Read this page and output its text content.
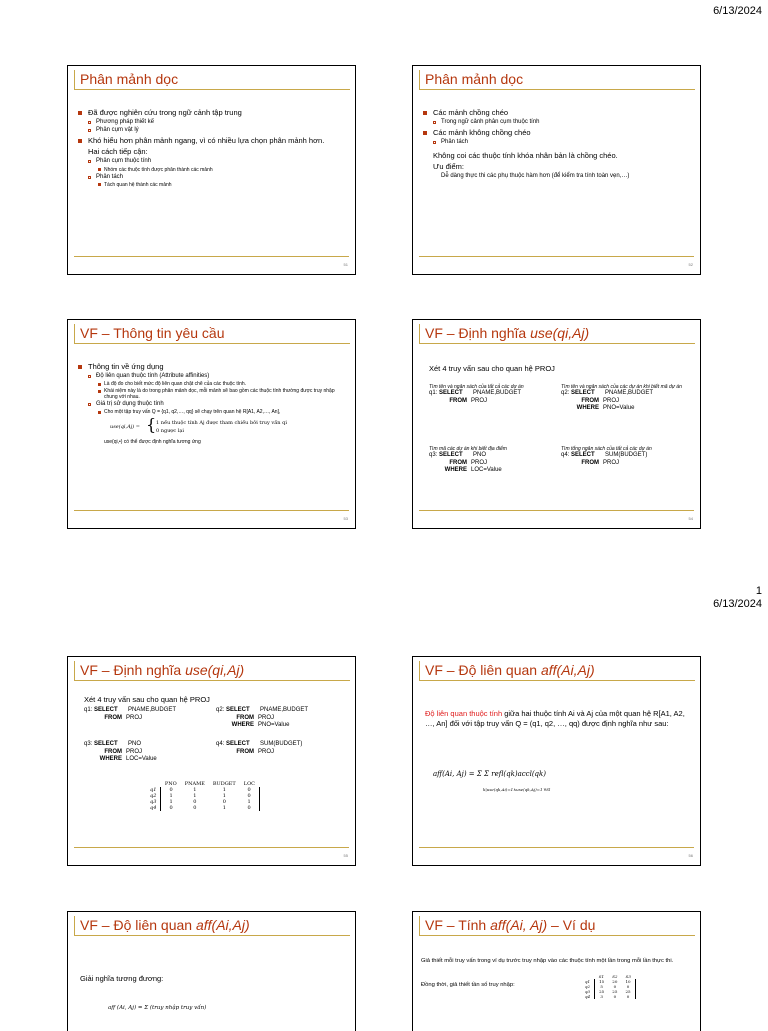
6/13/2024
1
6/13/2024
Phân mảnh dọc
Đã được nghiên cứu trong ngữ cảnh tập trung
Phương pháp thiết kế
Phân cụm vật lý
Khó hiểu hơn phân mảnh ngang, vì có nhiều lựa chọn phân mảnh hơn.
Hai cách tiếp cận:
Phân cụm thuộc tính
Nhóm các thuộc tính được phân thành các mảnh
Phân tách
Tách quan hệ thành các mảnh
51
Phân mảnh dọc
Các mảnh chồng chéo
Trong ngữ cảnh phân cụm thuộc tính
Các mảnh không chồng chéo
Phân tách
Không coi các thuộc tính khóa nhân bản là chồng chéo.
Ưu điểm:
Dễ dàng thực thi các phụ thuộc hàm hơn (để kiểm tra tính toàn vẹn,…)
52
VF – Thông tin yêu cầu
Thông tin về ứng dụng
Độ liên quan thuộc tính (Attribute affinities)
Là độ đo cho biết mức độ liên quan chặt chẽ của các thuộc tính.
Khái niệm này là do trong phân mảnh dọc, mỗi mảnh sẽ bao gồm các thuộc tính thường được truy nhập chung với nhau.
Giá trị sử dụng thuộc tính
Cho một tập truy vấn Q = {q1, q2,…, qq} sẽ chạy trên quan hệ R[A1, A2,…, An],
use(qi,Aj) = { 1 nếu thuộc tính Aj được tham chiếu bởi truy vấn qi
0 ngược lại
use(qi,•) có thể được định nghĩa tương ứng
53
VF – Định nghĩa use(qi,Aj)
Xét 4 truy vấn sau cho quan hệ PROJ
Tìm tên và ngân sách của tất cả các dự án
q1: SELECT PNAME,BUDGET
FROM PROJ
Tìm tên và ngân sách của các dự án khi biết mã dự án
q2: SELECT PNAME,BUDGET
FROM PROJ
WHERE PNO=Value
Tìm mã các dự án khi biết địa điểm
q3: SELECT PNO
FROM PROJ
WHERE LOC=Value
Tìm tổng ngân sách của tất cả các dự án
q4: SELECT SUM(BUDGET)
FROM PROJ
54
VF – Định nghĩa use(qi,Aj)
Xét 4 truy vấn sau cho quan hệ PROJ
q1: SELECT PNAME,BUDGET
FROM PROJ
q2: SELECT PNAME,BUDGET
FROM PROJ
WHERE PNO=Value
q3: SELECT PNO
FROM PROJ
WHERE LOC=Value
q4: SELECT SUM(BUDGET)
FROM PROJ
	PNO	PNAME	BUDGET	LOC
q1	0	1	1	0
q2	1	1	1	0
q3	1	0	0	1
q4	0	0	1	0
55
VF – Độ liên quan aff(Ai,Aj)
Độ liên quan thuộc tính giữa hai thuộc tính Ai và Aj của một quan hệ R[A1, A2, …, An] đối với tập truy vấn Q = (q1, q2, …, qq) được định nghĩa như sau:
aff(Ai, Aj) = Σ Σ refl(qk)accl(qk)
k|use(qk,Ai)=1∧use(qk,Aj)=1 ∀Sl
56
VF – Độ liên quan aff(Ai,Aj)
Giải nghĩa tương đương:
aff (Ai, Aj) = Σ (truy nhập truy vấn)
VF – Tính aff(Ai, Aj) – Ví dụ
Giả thiết mỗi truy vấn trong ví dụ trước truy nhập vào các thuộc tính một lần trong mỗi lần thực thi.
Đồng thời, giả thiết tần số truy nhập:
	S1	S2	S3
q1	15	20	10
q2	5	0	0
q3	25	25	25
q4	3	0	0
